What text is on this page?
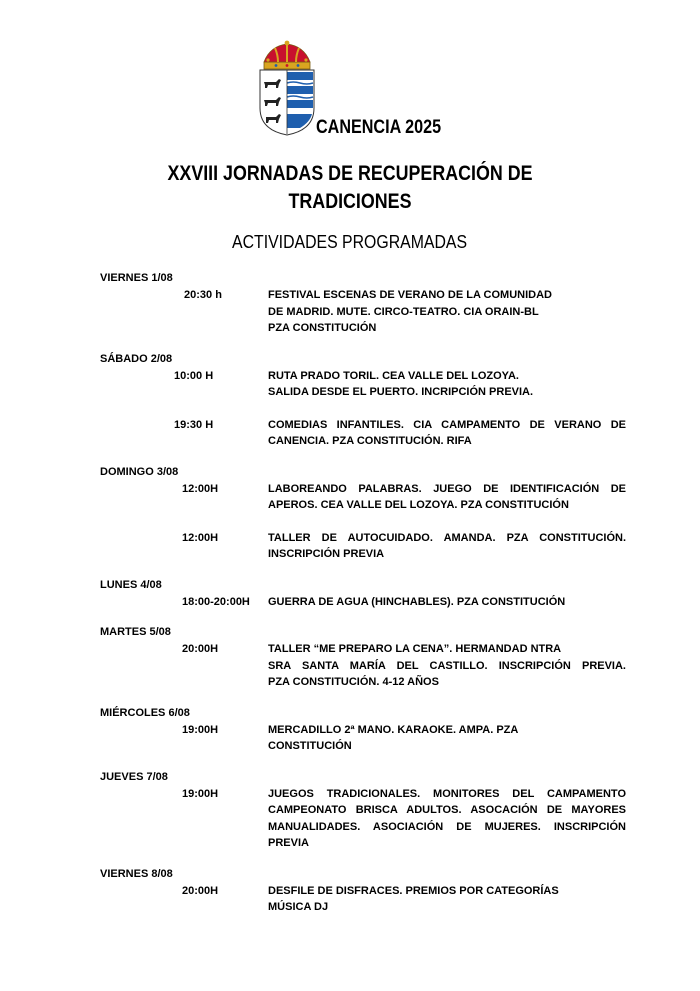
CANENCIA 2025
XXVIII JORNADAS DE RECUPERACIÓN DE
TRADICIONES
ACTIVIDADES PROGRAMADAS
VIERNES 1/08
20:30 h	FESTIVAL ESCENAS DE VERANO DE LA COMUNIDAD
DE MADRID. MUTE. CIRCO-TEATRO. CIA ORAIN-BL
PZA CONSTITUCIÓN
SÁBADO 2/08
10:00 H	RUTA PRADO TORIL. CEA VALLE DEL LOZOYA.
SALIDA DESDE EL PUERTO. INCRIPCIÓN PREVIA.
19:30 H	COMEDIAS INFANTILES. CIA CAMPAMENTO DE VERANO DE
CANENCIA. PZA CONSTITUCIÓN. RIFA
DOMINGO 3/08
12:00H	LABOREANDO PALABRAS. JUEGO DE IDENTIFICACIÓN DE
APEROS. CEA VALLE DEL LOZOYA. PZA CONSTITUCIÓN
12:00H	TALLER DE AUTOCUIDADO. AMANDA. PZA CONSTITUCIÓN.
INSCRIPCIÓN PREVIA
LUNES 4/08
18:00-20:00H	GUERRA DE AGUA (HINCHABLES). PZA CONSTITUCIÓN
MARTES 5/08
20:00H	TALLER “ME PREPARO LA CENA”. HERMANDAD NTRA
SRA SANTA MARÍA DEL CASTILLO. INSCRIPCIÓN PREVIA.
PZA CONSTITUCIÓN. 4-12 AÑOS
MIÉRCOLES 6/08
19:00H	MERCADILLO 2ª MANO. KARAOKE. AMPA. PZA
CONSTITUCIÓN
JUEVES 7/08
19:00H	JUEGOS TRADICIONALES. MONITORES DEL CAMPAMENTO
CAMPEONATO BRISCA ADULTOS. ASOCACIÓN DE MAYORES
MANUALIDADES. ASOCIACIÓN DE MUJERES. INSCRIPCIÓN
PREVIA
VIERNES 8/08
20:00H	DESFILE DE DISFRACES. PREMIOS POR CATEGORÍAS
MÚSICA DJ
